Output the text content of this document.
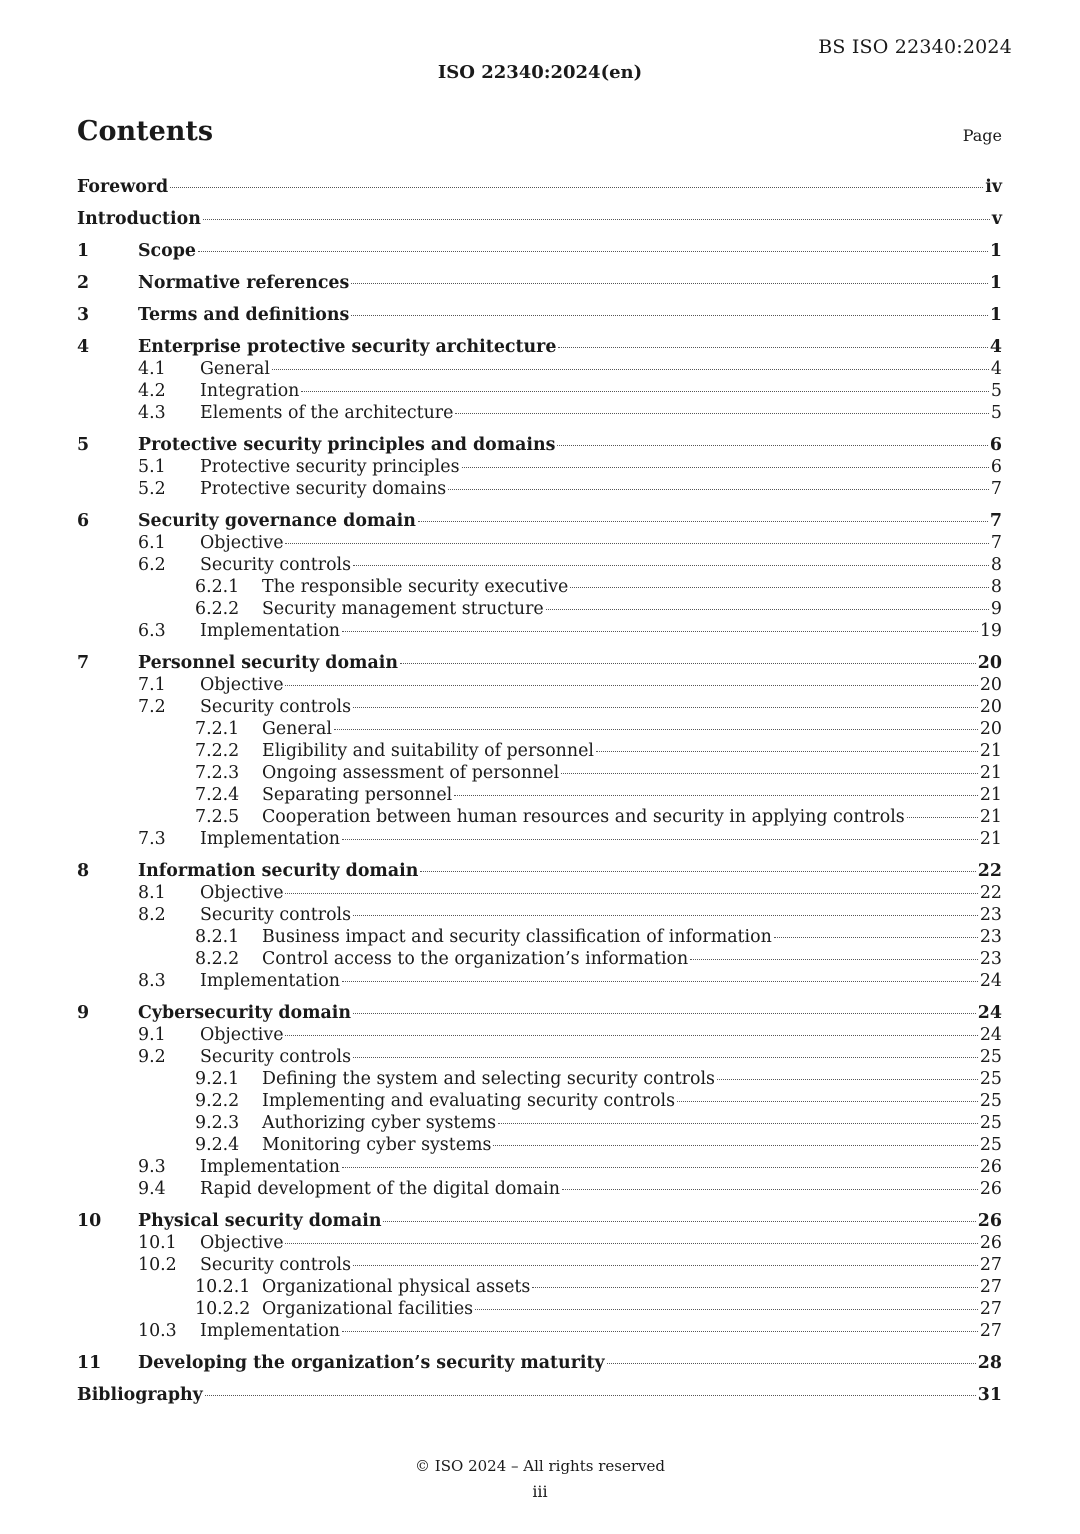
BS ISO 22340:2024
ISO 22340:2024(en)
Contents	Page
Foreword	iv
Introduction	v
1	Scope	1
2	Normative references	1
3	Terms and definitions	1
4	Enterprise protective security architecture	4
4.1	General	4
4.2	Integration	5
4.3	Elements of the architecture	5
5	Protective security principles and domains	6
5.1	Protective security principles	6
5.2	Protective security domains	7
6	Security governance domain	7
6.1	Objective	7
6.2	Security controls	8
6.2.1	The responsible security executive	8
6.2.2	Security management structure	9
6.3	Implementation	19
7	Personnel security domain	20
7.1	Objective	20
7.2	Security controls	20
7.2.1	General	20
7.2.2	Eligibility and suitability of personnel	21
7.2.3	Ongoing assessment of personnel	21
7.2.4	Separating personnel	21
7.2.5	Cooperation between human resources and security in applying controls	21
7.3	Implementation	21
8	Information security domain	22
8.1	Objective	22
8.2	Security controls	23
8.2.1	Business impact and security classification of information	23
8.2.2	Control access to the organization’s information	23
8.3	Implementation	24
9	Cybersecurity domain	24
9.1	Objective	24
9.2	Security controls	25
9.2.1	Defining the system and selecting security controls	25
9.2.2	Implementing and evaluating security controls	25
9.2.3	Authorizing cyber systems	25
9.2.4	Monitoring cyber systems	25
9.3	Implementation	26
9.4	Rapid development of the digital domain	26
10	Physical security domain	26
10.1	Objective	26
10.2	Security controls	27
10.2.1 Organizational physical assets	27
10.2.2 Organizational facilities	27
10.3	Implementation	27
11	Developing the organization’s security maturity	28
Bibliography	31
© ISO 2024 – All rights reserved
iii
